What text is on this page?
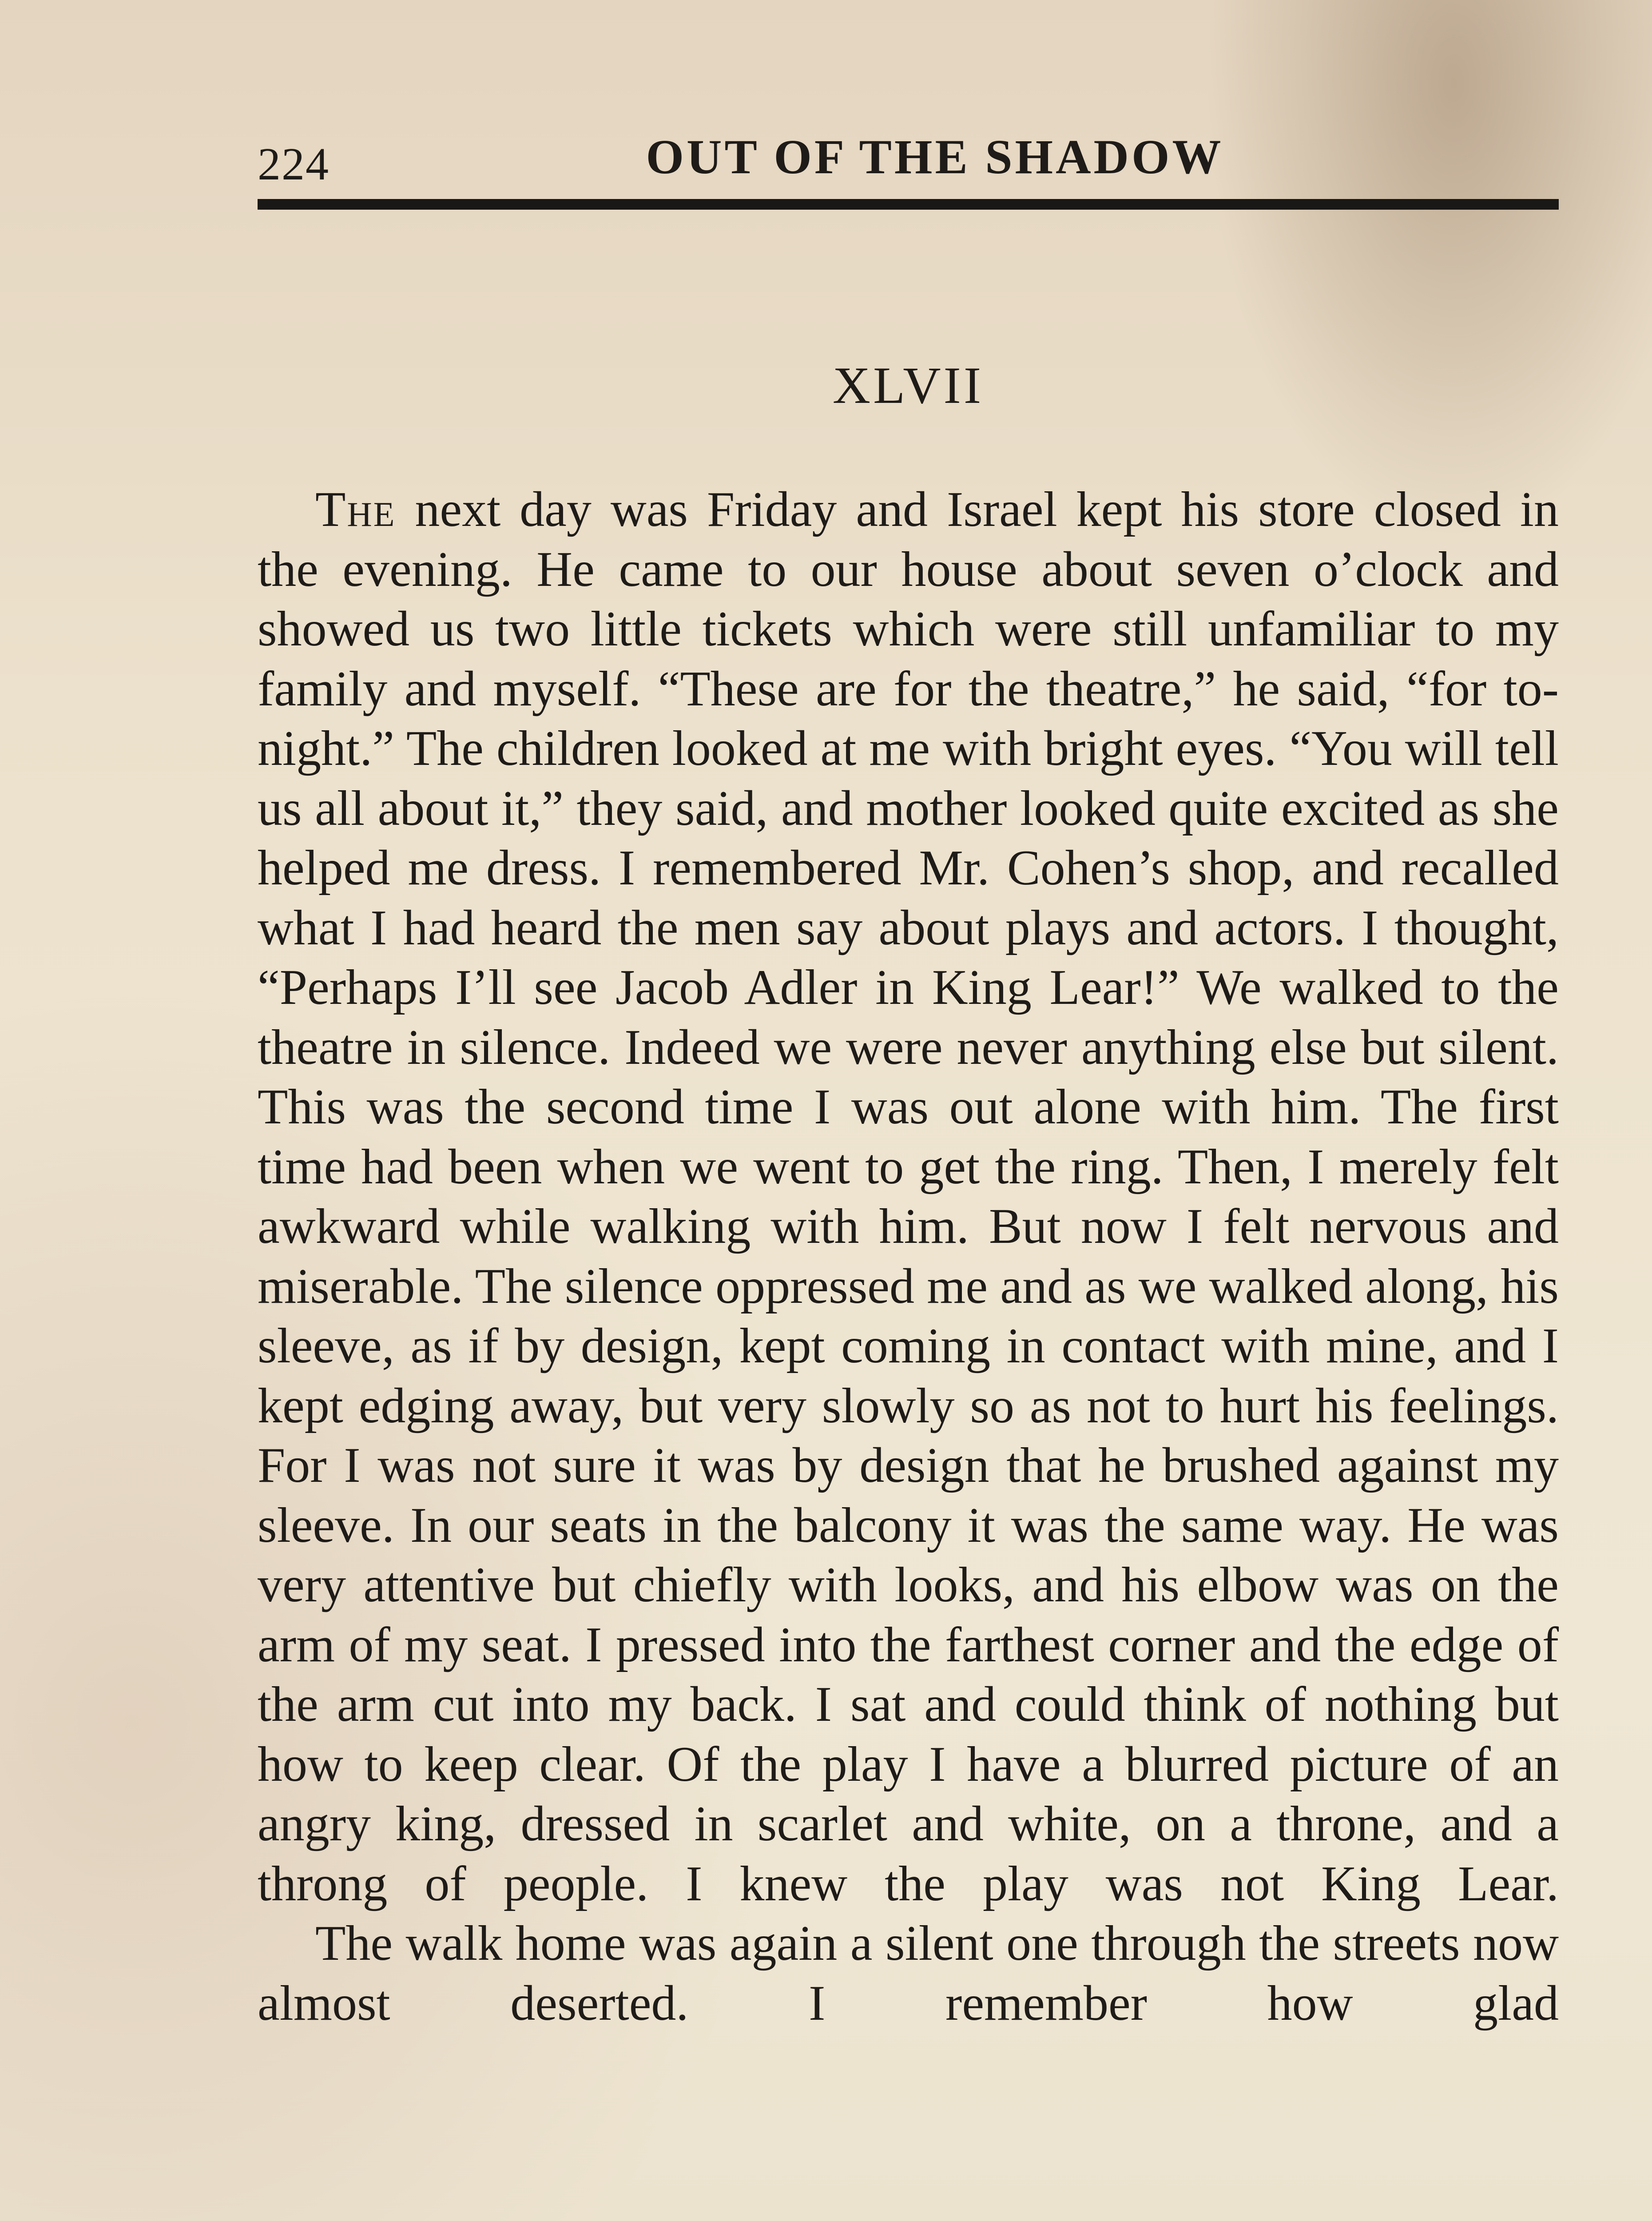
224	OUT OF THE SHADOW
XLVII

The next day was Friday and Israel kept his store closed in the evening. He came to our house about seven o’clock and showed us two little tickets which were still unfamiliar to my family and myself. “These are for the theatre,” he said, “for to-night.” The children looked at me with bright eyes. “You will tell us all about it,” they said, and mother looked quite excited as she helped me dress. I remembered Mr. Cohen’s shop, and recalled what I had heard the men say about plays and actors. I thought, “Perhaps I’ll see Jacob Adler in King Lear!” We walked to the theatre in silence. Indeed we were never anything else but silent. This was the second time I was out alone with him. The first time had been when we went to get the ring. Then, I merely felt awkward while walking with him. But now I felt nervous and miserable. The silence oppressed me and as we walked along, his sleeve, as if by design, kept coming in contact with mine, and I kept edging away, but very slowly so as not to hurt his feelings. For I was not sure it was by design that he brushed against my sleeve. In our seats in the balcony it was the same way. He was very attentive but chiefly with looks, and his elbow was on the arm of my seat. I pressed into the farthest corner and the edge of the arm cut into my back. I sat and could think of nothing but how to keep clear. Of the play I have a blurred picture of an angry king, dressed in scarlet and white, on a throne, and a throng of people. I knew the play was not King Lear.

The walk home was again a silent one through the streets now almost deserted. I remember how glad
